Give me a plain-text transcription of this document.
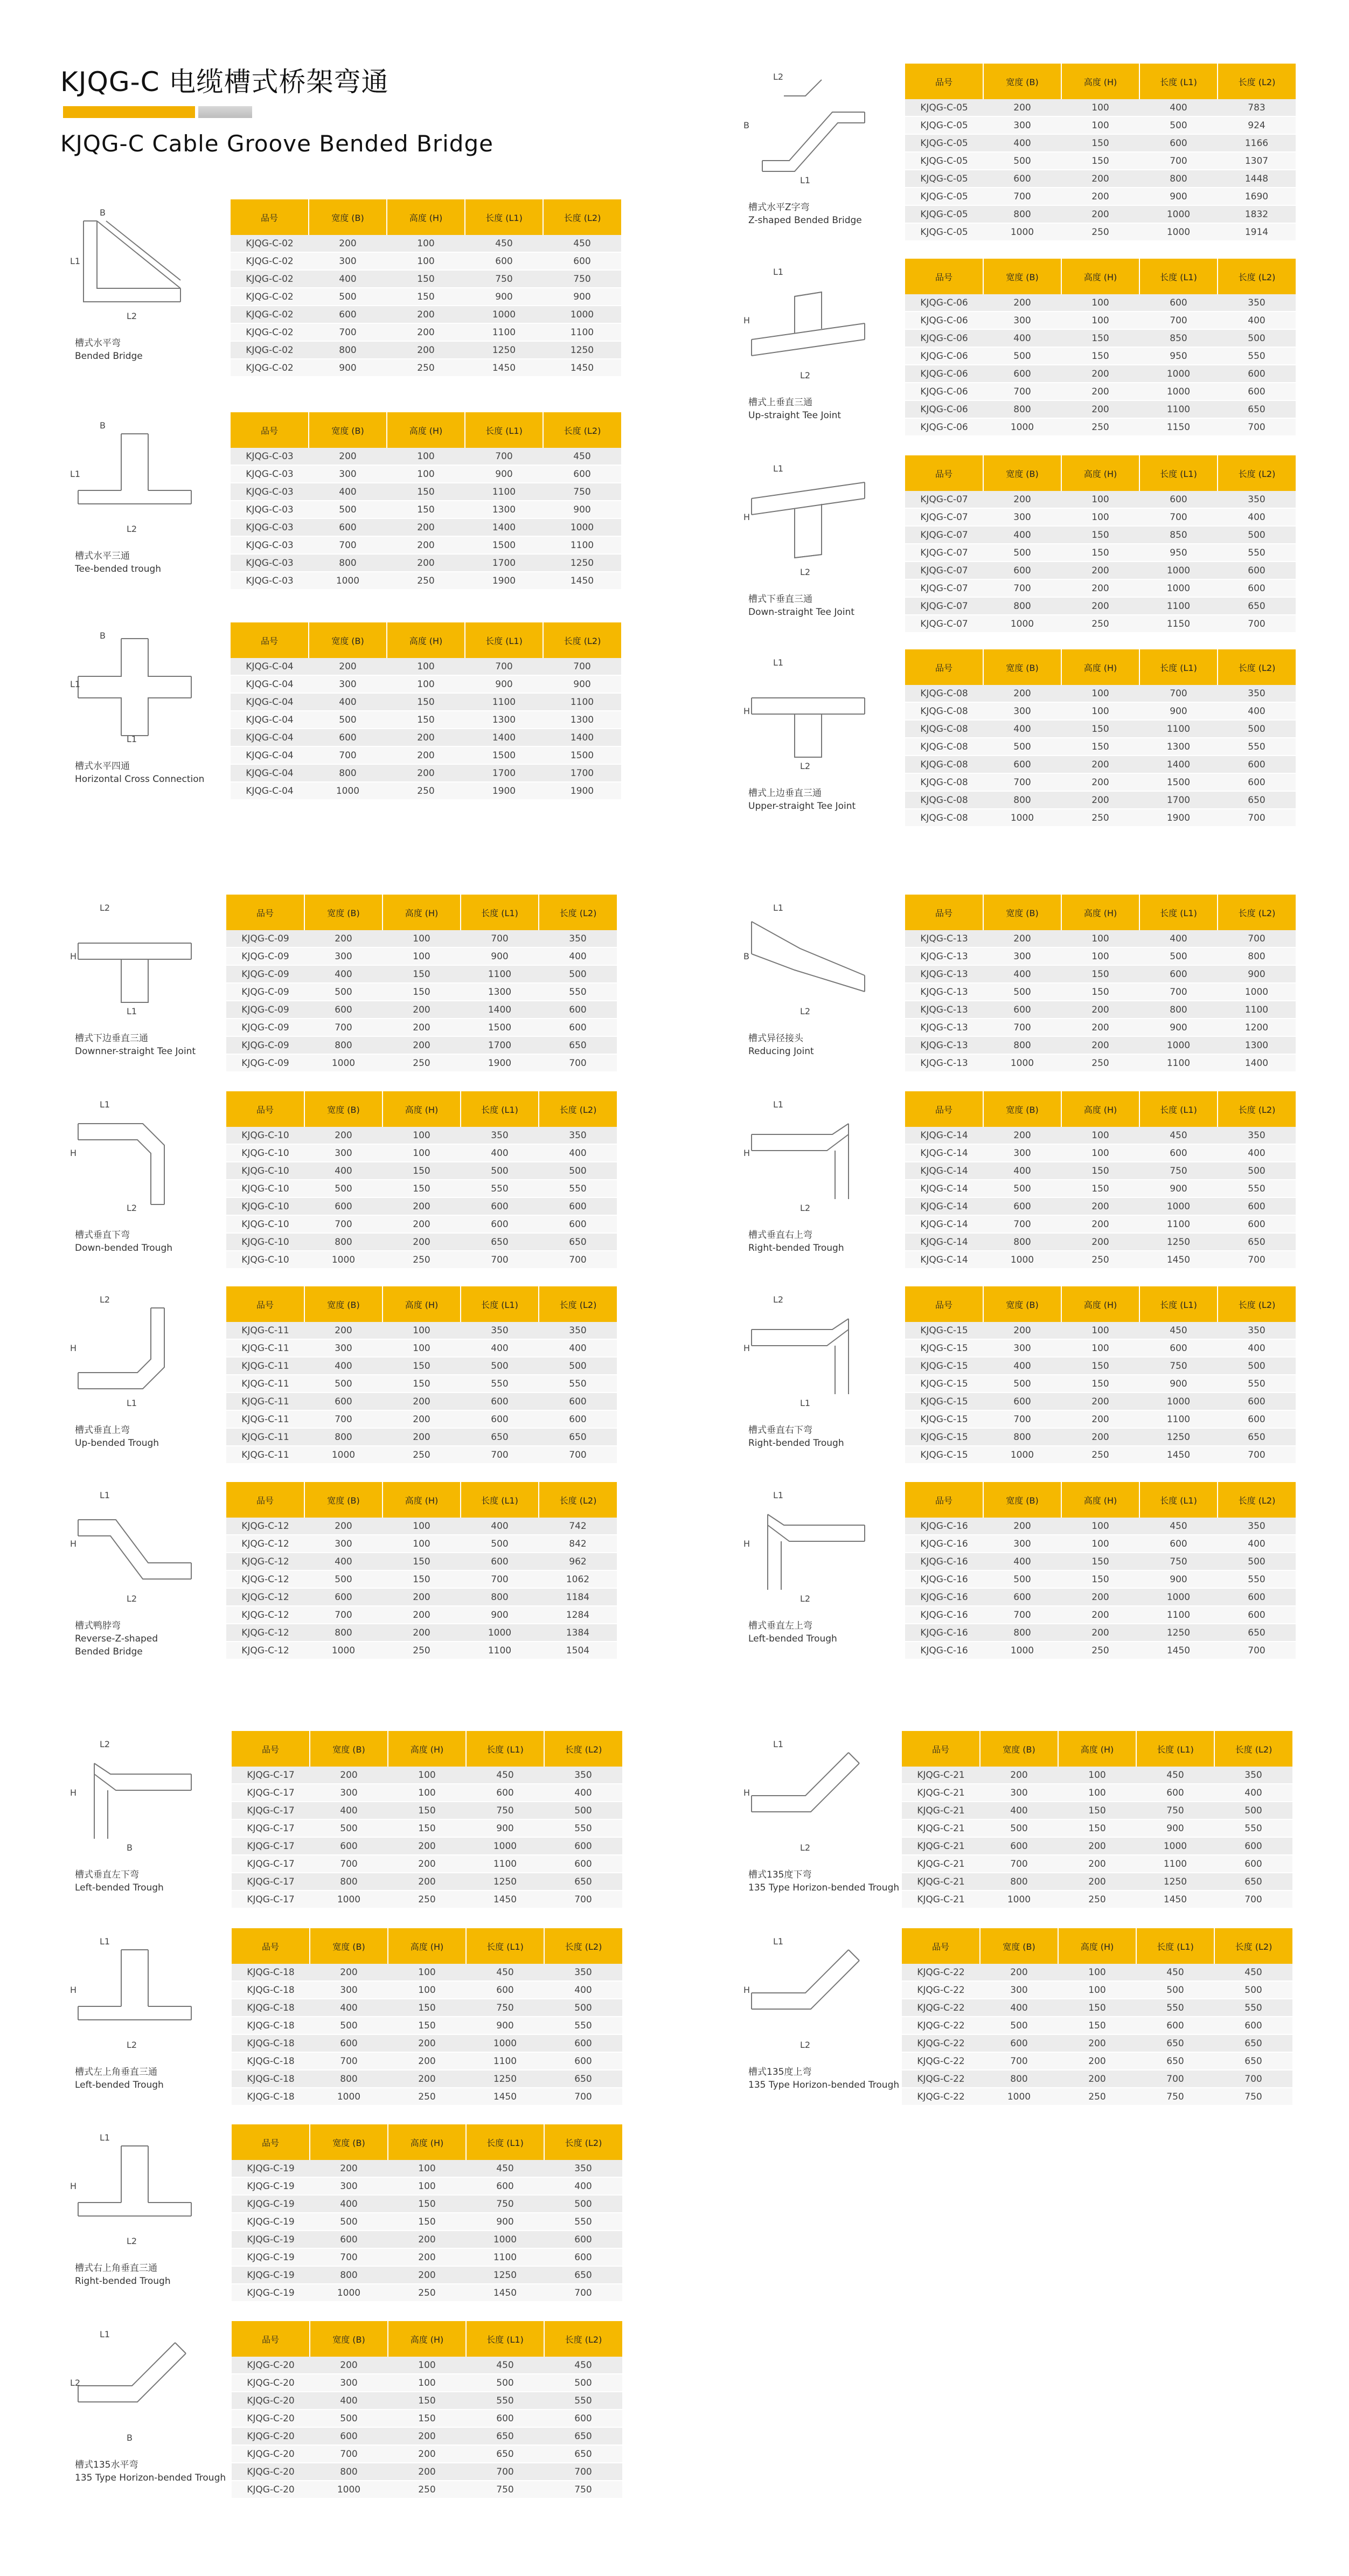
KJQG-C 电缆槽式桥架弯通
KJQG-C Cable Groove Bended Bridge
B
L1
L2
槽式水平弯
Bended Bridge
品号	宽度 (B)	高度 (H)	长度 (L1)	长度 (L2)
KJQG-C-02	200	100	450	450
KJQG-C-02	300	100	600	600
KJQG-C-02	400	150	750	750
KJQG-C-02	500	150	900	900
KJQG-C-02	600	200	1000	1000
KJQG-C-02	700	200	1100	1100
KJQG-C-02	800	200	1250	1250
KJQG-C-02	900	250	1450	1450
B
L1
L2
槽式水平三通
Tee-bended trough
品号	宽度 (B)	高度 (H)	长度 (L1)	长度 (L2)
KJQG-C-03	200	100	700	450
KJQG-C-03	300	100	900	600
KJQG-C-03	400	150	1100	750
KJQG-C-03	500	150	1300	900
KJQG-C-03	600	200	1400	1000
KJQG-C-03	700	200	1500	1100
KJQG-C-03	800	200	1700	1250
KJQG-C-03	1000	250	1900	1450
B
L1
L1
槽式水平四通
Horizontal Cross Connection
品号	宽度 (B)	高度 (H)	长度 (L1)	长度 (L2)
KJQG-C-04	200	100	700	700
KJQG-C-04	300	100	900	900
KJQG-C-04	400	150	1100	1100
KJQG-C-04	500	150	1300	1300
KJQG-C-04	600	200	1400	1400
KJQG-C-04	700	200	1500	1500
KJQG-C-04	800	200	1700	1700
KJQG-C-04	1000	250	1900	1900
L2
B
L1
槽式水平Z字弯
Z-shaped Bended Bridge
品号	宽度 (B)	高度 (H)	长度 (L1)	长度 (L2)
KJQG-C-05	200	100	400	783
KJQG-C-05	300	100	500	924
KJQG-C-05	400	150	600	1166
KJQG-C-05	500	150	700	1307
KJQG-C-05	600	200	800	1448
KJQG-C-05	700	200	900	1690
KJQG-C-05	800	200	1000	1832
KJQG-C-05	1000	250	1000	1914
L1
H
L2
槽式上垂直三通
Up-straight Tee Joint
品号	宽度 (B)	高度 (H)	长度 (L1)	长度 (L2)
KJQG-C-06	200	100	600	350
KJQG-C-06	300	100	700	400
KJQG-C-06	400	150	850	500
KJQG-C-06	500	150	950	550
KJQG-C-06	600	200	1000	600
KJQG-C-06	700	200	1000	600
KJQG-C-06	800	200	1100	650
KJQG-C-06	1000	250	1150	700
L1
H
L2
槽式下垂直三通
Down-straight Tee Joint
品号	宽度 (B)	高度 (H)	长度 (L1)	长度 (L2)
KJQG-C-07	200	100	600	350
KJQG-C-07	300	100	700	400
KJQG-C-07	400	150	850	500
KJQG-C-07	500	150	950	550
KJQG-C-07	600	200	1000	600
KJQG-C-07	700	200	1000	600
KJQG-C-07	800	200	1100	650
KJQG-C-07	1000	250	1150	700
L1
H
L2
槽式上边垂直三通
Upper-straight Tee Joint
品号	宽度 (B)	高度 (H)	长度 (L1)	长度 (L2)
KJQG-C-08	200	100	700	350
KJQG-C-08	300	100	900	400
KJQG-C-08	400	150	1100	500
KJQG-C-08	500	150	1300	550
KJQG-C-08	600	200	1400	600
KJQG-C-08	700	200	1500	600
KJQG-C-08	800	200	1700	650
KJQG-C-08	1000	250	1900	700
L2
H
L1
槽式下边垂直三通
Downner-straight Tee Joint
品号	宽度 (B)	高度 (H)	长度 (L1)	长度 (L2)
KJQG-C-09	200	100	700	350
KJQG-C-09	300	100	900	400
KJQG-C-09	400	150	1100	500
KJQG-C-09	500	150	1300	550
KJQG-C-09	600	200	1400	600
KJQG-C-09	700	200	1500	600
KJQG-C-09	800	200	1700	650
KJQG-C-09	1000	250	1900	700
L1
H
L2
槽式垂直下弯
Down-bended Trough
品号	宽度 (B)	高度 (H)	长度 (L1)	长度 (L2)
KJQG-C-10	200	100	350	350
KJQG-C-10	300	100	400	400
KJQG-C-10	400	150	500	500
KJQG-C-10	500	150	550	550
KJQG-C-10	600	200	600	600
KJQG-C-10	700	200	600	600
KJQG-C-10	800	200	650	650
KJQG-C-10	1000	250	700	700
L2
H
L1
槽式垂直上弯
Up-bended Trough
品号	宽度 (B)	高度 (H)	长度 (L1)	长度 (L2)
KJQG-C-11	200	100	350	350
KJQG-C-11	300	100	400	400
KJQG-C-11	400	150	500	500
KJQG-C-11	500	150	550	550
KJQG-C-11	600	200	600	600
KJQG-C-11	700	200	600	600
KJQG-C-11	800	200	650	650
KJQG-C-11	1000	250	700	700
L1
H
L2
槽式鸭脖弯
Reverse-Z-shaped
Bended Bridge
品号	宽度 (B)	高度 (H)	长度 (L1)	长度 (L2)
KJQG-C-12	200	100	400	742
KJQG-C-12	300	100	500	842
KJQG-C-12	400	150	600	962
KJQG-C-12	500	150	700	1062
KJQG-C-12	600	200	800	1184
KJQG-C-12	700	200	900	1284
KJQG-C-12	800	200	1000	1384
KJQG-C-12	1000	250	1100	1504
L1
B
L2
槽式异径接头
Reducing Joint
品号	宽度 (B)	高度 (H)	长度 (L1)	长度 (L2)
KJQG-C-13	200	100	400	700
KJQG-C-13	300	100	500	800
KJQG-C-13	400	150	600	900
KJQG-C-13	500	150	700	1000
KJQG-C-13	600	200	800	1100
KJQG-C-13	700	200	900	1200
KJQG-C-13	800	200	1000	1300
KJQG-C-13	1000	250	1100	1400
L1
H
L2
槽式垂直右上弯
Right-bended Trough
品号	宽度 (B)	高度 (H)	长度 (L1)	长度 (L2)
KJQG-C-14	200	100	450	350
KJQG-C-14	300	100	600	400
KJQG-C-14	400	150	750	500
KJQG-C-14	500	150	900	550
KJQG-C-14	600	200	1000	600
KJQG-C-14	700	200	1100	600
KJQG-C-14	800	200	1250	650
KJQG-C-14	1000	250	1450	700
L2
H
L1
槽式垂直右下弯
Right-bended Trough
品号	宽度 (B)	高度 (H)	长度 (L1)	长度 (L2)
KJQG-C-15	200	100	450	350
KJQG-C-15	300	100	600	400
KJQG-C-15	400	150	750	500
KJQG-C-15	500	150	900	550
KJQG-C-15	600	200	1000	600
KJQG-C-15	700	200	1100	600
KJQG-C-15	800	200	1250	650
KJQG-C-15	1000	250	1450	700
L1
H
L2
槽式垂直左上弯
Left-bended Trough
品号	宽度 (B)	高度 (H)	长度 (L1)	长度 (L2)
KJQG-C-16	200	100	450	350
KJQG-C-16	300	100	600	400
KJQG-C-16	400	150	750	500
KJQG-C-16	500	150	900	550
KJQG-C-16	600	200	1000	600
KJQG-C-16	700	200	1100	600
KJQG-C-16	800	200	1250	650
KJQG-C-16	1000	250	1450	700
L2
H
B
槽式垂直左下弯
Left-bended Trough
品号	宽度 (B)	高度 (H)	长度 (L1)	长度 (L2)
KJQG-C-17	200	100	450	350
KJQG-C-17	300	100	600	400
KJQG-C-17	400	150	750	500
KJQG-C-17	500	150	900	550
KJQG-C-17	600	200	1000	600
KJQG-C-17	700	200	1100	600
KJQG-C-17	800	200	1250	650
KJQG-C-17	1000	250	1450	700
L1
H
L2
槽式左上角垂直三通
Left-bended Trough
品号	宽度 (B)	高度 (H)	长度 (L1)	长度 (L2)
KJQG-C-18	200	100	450	350
KJQG-C-18	300	100	600	400
KJQG-C-18	400	150	750	500
KJQG-C-18	500	150	900	550
KJQG-C-18	600	200	1000	600
KJQG-C-18	700	200	1100	600
KJQG-C-18	800	200	1250	650
KJQG-C-18	1000	250	1450	700
L1
H
L2
槽式右上角垂直三通
Right-bended Trough
品号	宽度 (B)	高度 (H)	长度 (L1)	长度 (L2)
KJQG-C-19	200	100	450	350
KJQG-C-19	300	100	600	400
KJQG-C-19	400	150	750	500
KJQG-C-19	500	150	900	550
KJQG-C-19	600	200	1000	600
KJQG-C-19	700	200	1100	600
KJQG-C-19	800	200	1250	650
KJQG-C-19	1000	250	1450	700
L1
L2
B
槽式135水平弯
135 Type Horizon-bended Trough
品号	宽度 (B)	高度 (H)	长度 (L1)	长度 (L2)
KJQG-C-20	200	100	450	450
KJQG-C-20	300	100	500	500
KJQG-C-20	400	150	550	550
KJQG-C-20	500	150	600	600
KJQG-C-20	600	200	650	650
KJQG-C-20	700	200	650	650
KJQG-C-20	800	200	700	700
KJQG-C-20	1000	250	750	750
L1
H
L2
槽式135度下弯
135 Type Horizon-bended Trough
品号	宽度 (B)	高度 (H)	长度 (L1)	长度 (L2)
KJQG-C-21	200	100	450	350
KJQG-C-21	300	100	600	400
KJQG-C-21	400	150	750	500
KJQG-C-21	500	150	900	550
KJQG-C-21	600	200	1000	600
KJQG-C-21	700	200	1100	600
KJQG-C-21	800	200	1250	650
KJQG-C-21	1000	250	1450	700
L1
H
L2
槽式135度上弯
135 Type Horizon-bended Trough
品号	宽度 (B)	高度 (H)	长度 (L1)	长度 (L2)
KJQG-C-22	200	100	450	450
KJQG-C-22	300	100	500	500
KJQG-C-22	400	150	550	550
KJQG-C-22	500	150	600	600
KJQG-C-22	600	200	650	650
KJQG-C-22	700	200	650	650
KJQG-C-22	800	200	700	700
KJQG-C-22	1000	250	750	750
